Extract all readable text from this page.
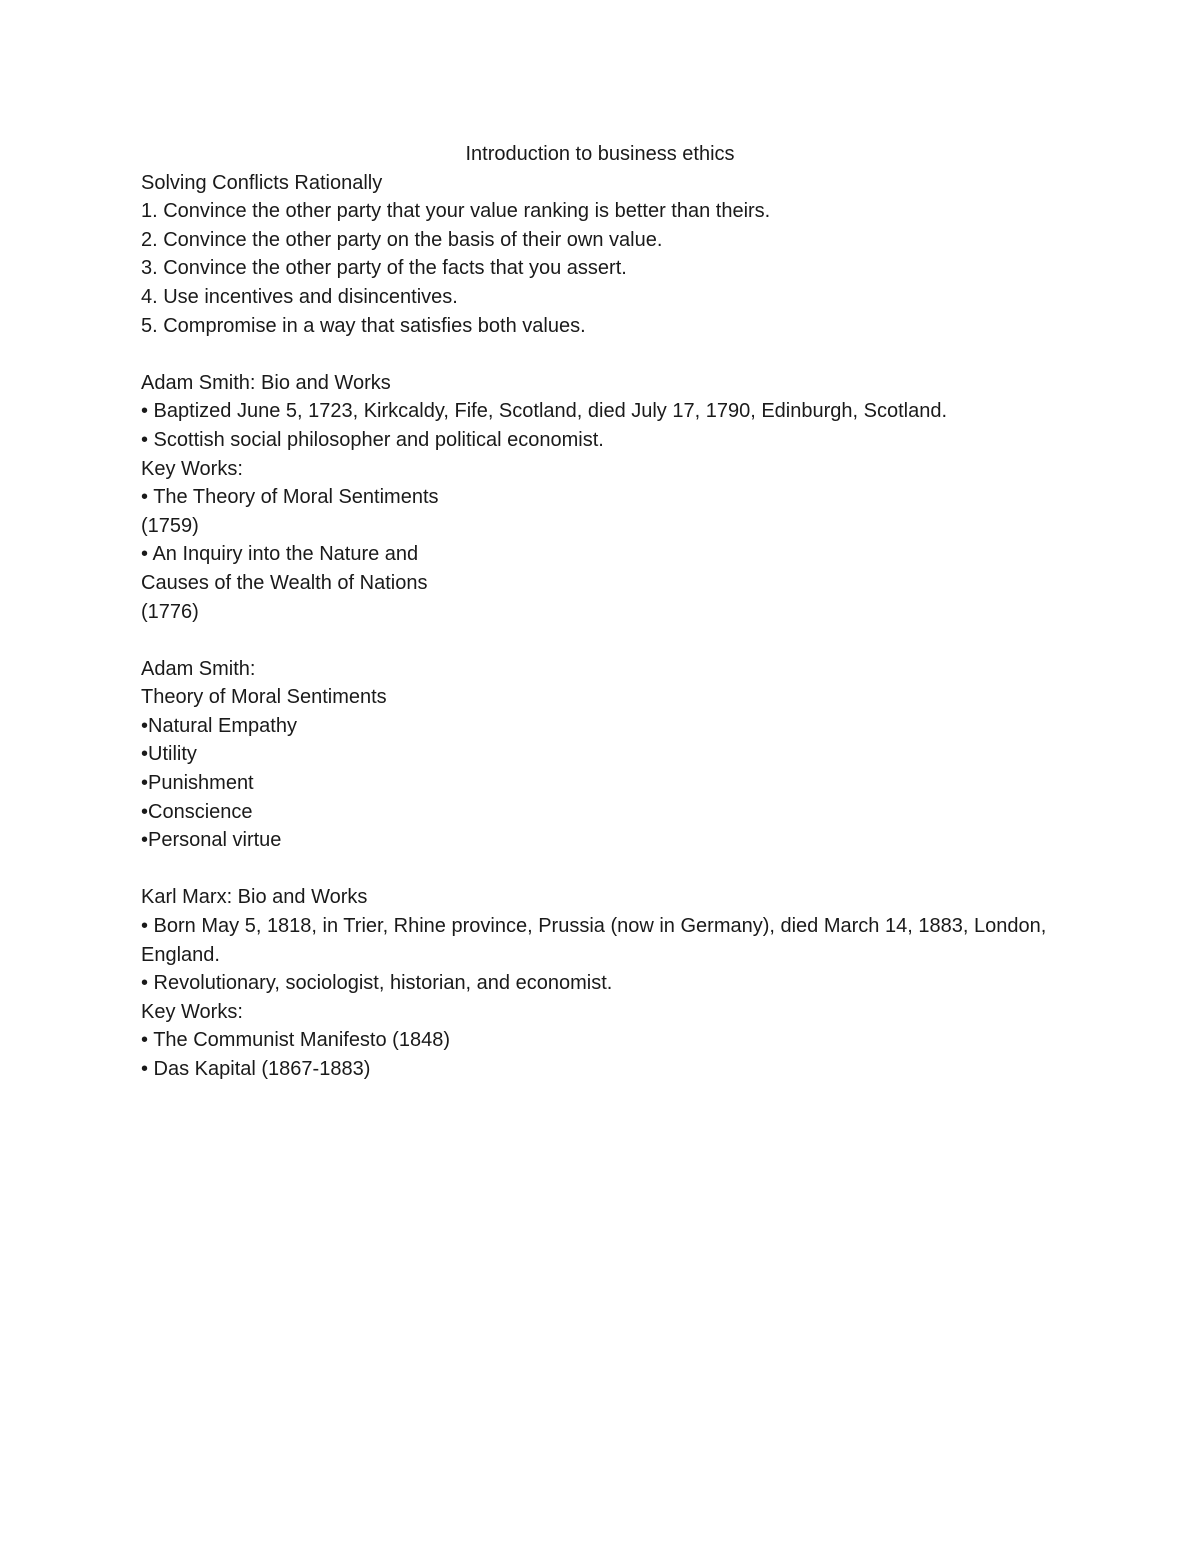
Introduction to business ethics
Solving Conflicts Rationally
1. Convince the other party that your value ranking is better than theirs.
2. Convince the other party on the basis of their own value.
3. Convince the other party of the facts that you assert.
4. Use incentives and disincentives.
5. Compromise in a way that satisfies both values.
Adam Smith: Bio and Works
• Baptized June 5, 1723, Kirkcaldy, Fife, Scotland, died July 17, 1790, Edinburgh, Scotland.
• Scottish social philosopher and political economist.
Key Works:
• The Theory of Moral Sentiments
(1759)
• An Inquiry into the Nature and
Causes of the Wealth of Nations
(1776)
Adam Smith:
Theory of Moral Sentiments
•Natural Empathy
•Utility
•Punishment
•Conscience
•Personal virtue
Karl Marx: Bio and Works
• Born May 5, 1818, in Trier, Rhine province, Prussia (now in Germany), died March 14, 1883, London, England.
• Revolutionary, sociologist, historian, and economist.
Key Works:
• The Communist Manifesto (1848)
• Das Kapital (1867-1883)
